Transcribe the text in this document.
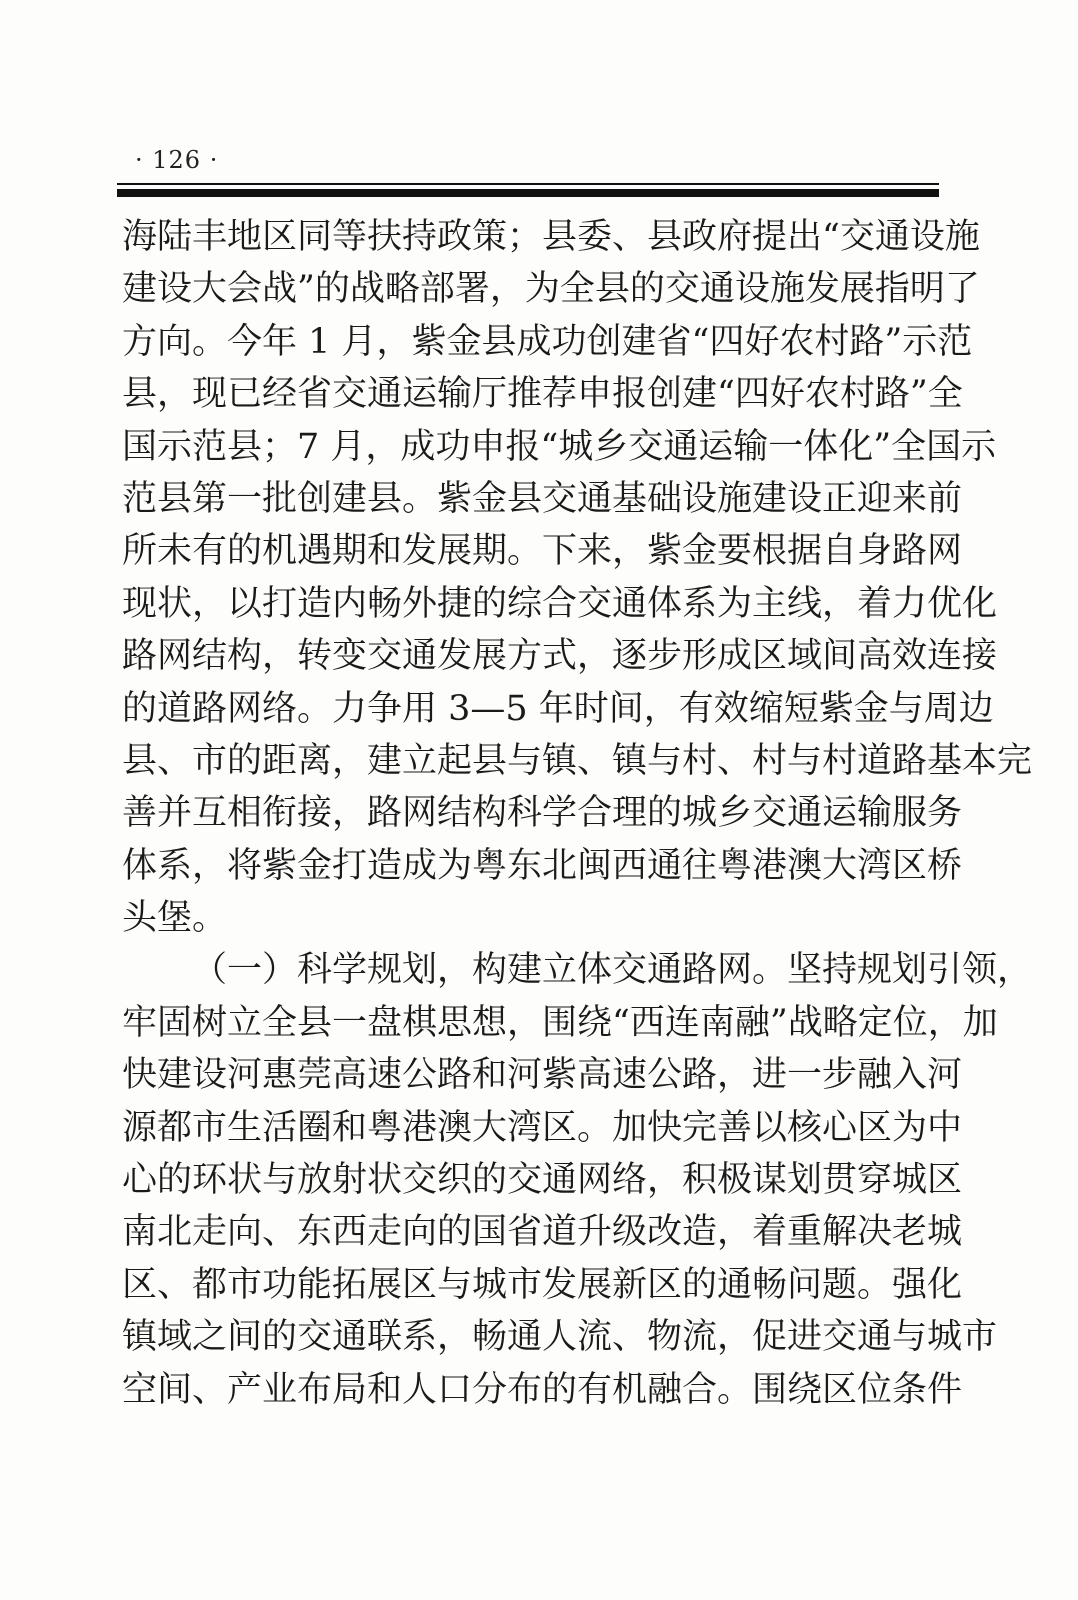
· 126 ·
海陆丰地区同等扶持政策；县委、县政府提出“交通设施
建设大会战”的战略部署，为全县的交通设施发展指明了
方向。今年 1 月，紫金县成功创建省“四好农村路”示范
县，现已经省交通运输厅推荐申报创建“四好农村路”全
国示范县；7 月，成功申报“城乡交通运输一体化”全国示
范县第一批创建县。紫金县交通基础设施建设正迎来前
所未有的机遇期和发展期。下来，紫金要根据自身路网
现状，以打造内畅外捷的综合交通体系为主线，着力优化
路网结构，转变交通发展方式，逐步形成区域间高效连接
的道路网络。力争用 3—5 年时间，有效缩短紫金与周边
县、市的距离，建立起县与镇、镇与村、村与村道路基本完
善并互相衔接，路网结构科学合理的城乡交通运输服务
体系，将紫金打造成为粤东北闽西通往粤港澳大湾区桥
头堡。
（一）科学规划，构建立体交通路网。坚持规划引领，
牢固树立全县一盘棋思想，围绕“西连南融”战略定位，加
快建设河惠莞高速公路和河紫高速公路，进一步融入河
源都市生活圈和粤港澳大湾区。加快完善以核心区为中
心的环状与放射状交织的交通网络，积极谋划贯穿城区
南北走向、东西走向的国省道升级改造，着重解决老城
区、都市功能拓展区与城市发展新区的通畅问题。强化
镇域之间的交通联系，畅通人流、物流，促进交通与城市
空间、产业布局和人口分布的有机融合。围绕区位条件
